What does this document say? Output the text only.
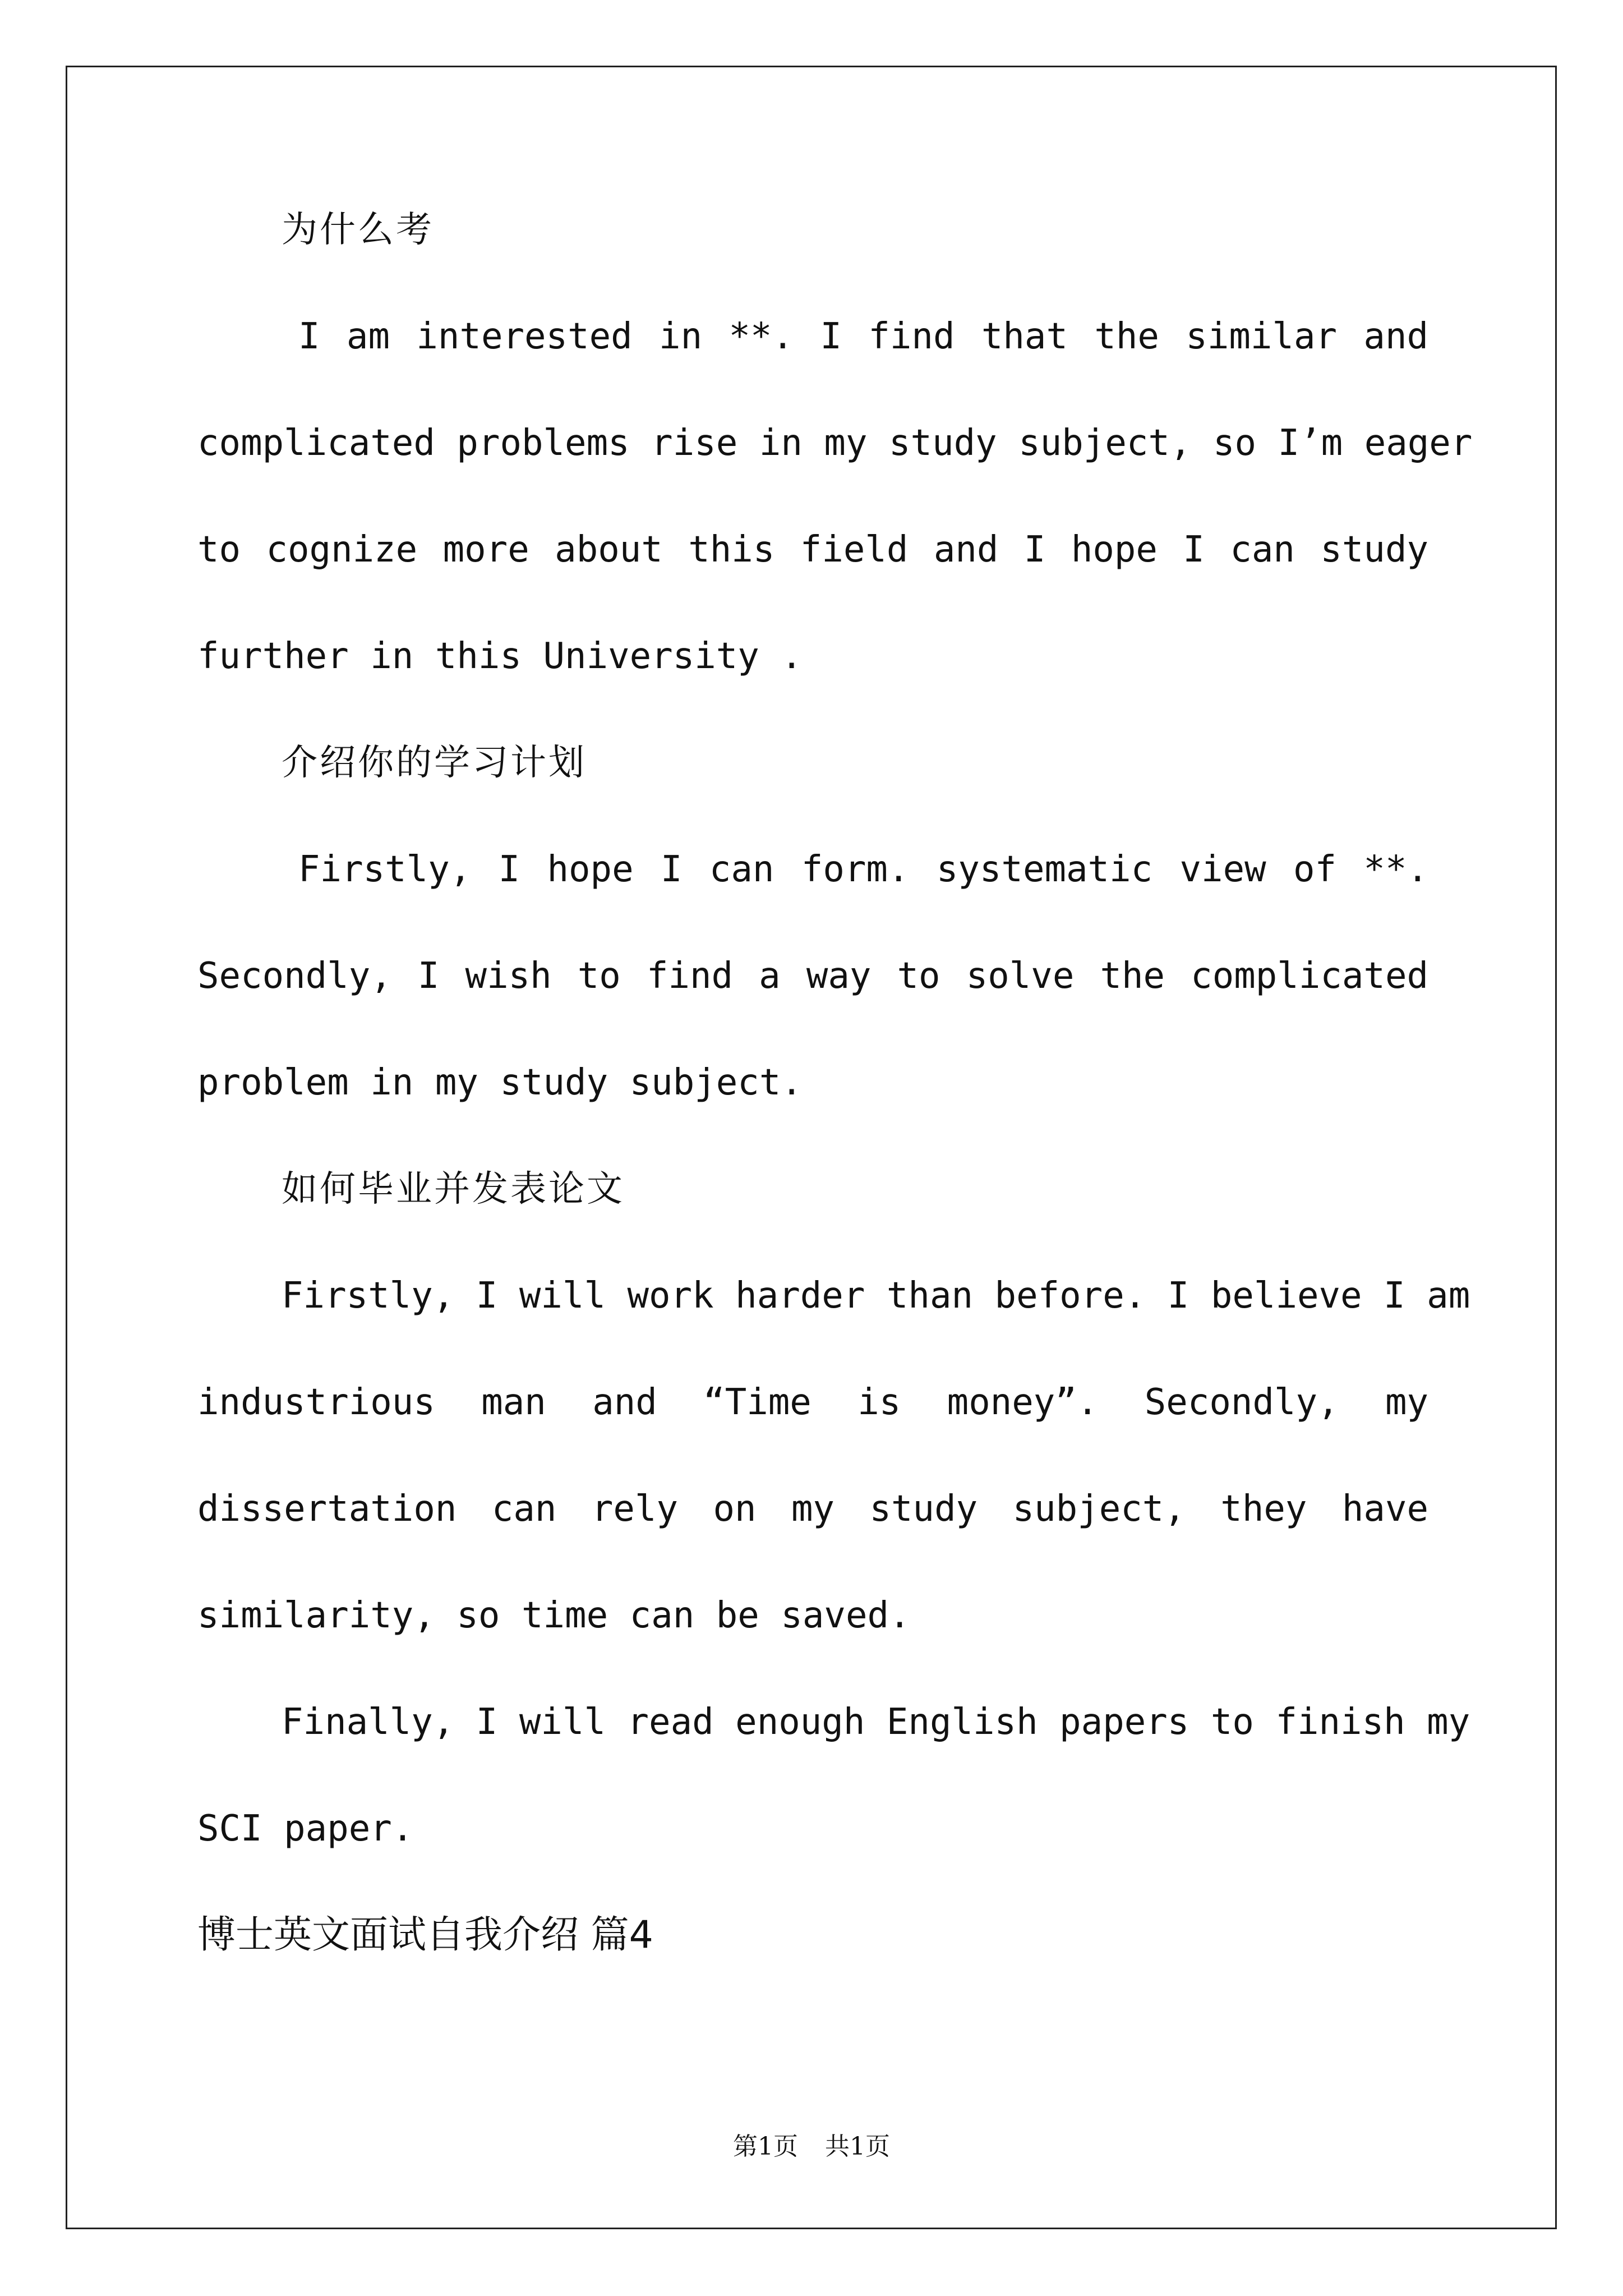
为什么考
I am interested in **. I find that the similar and
complicated problems rise in my study subject, so I’m eager
to cognize more about this field and I hope I can study
further in this University .
介绍你的学习计划
Firstly, I hope I can form. systematic view of **.
Secondly, I wish to find a way to solve the complicated
problem in my study subject.
如何毕业并发表论文
Firstly, I will work harder than before. I believe I am
industrious man and “Time is money”. Secondly, my
dissertation can rely on my study subject, they have
similarity, so time can be saved.
Finally, I will read enough English papers to finish my
SCI paper.
博士英文面试自我介绍 篇4
第1页 共1页
